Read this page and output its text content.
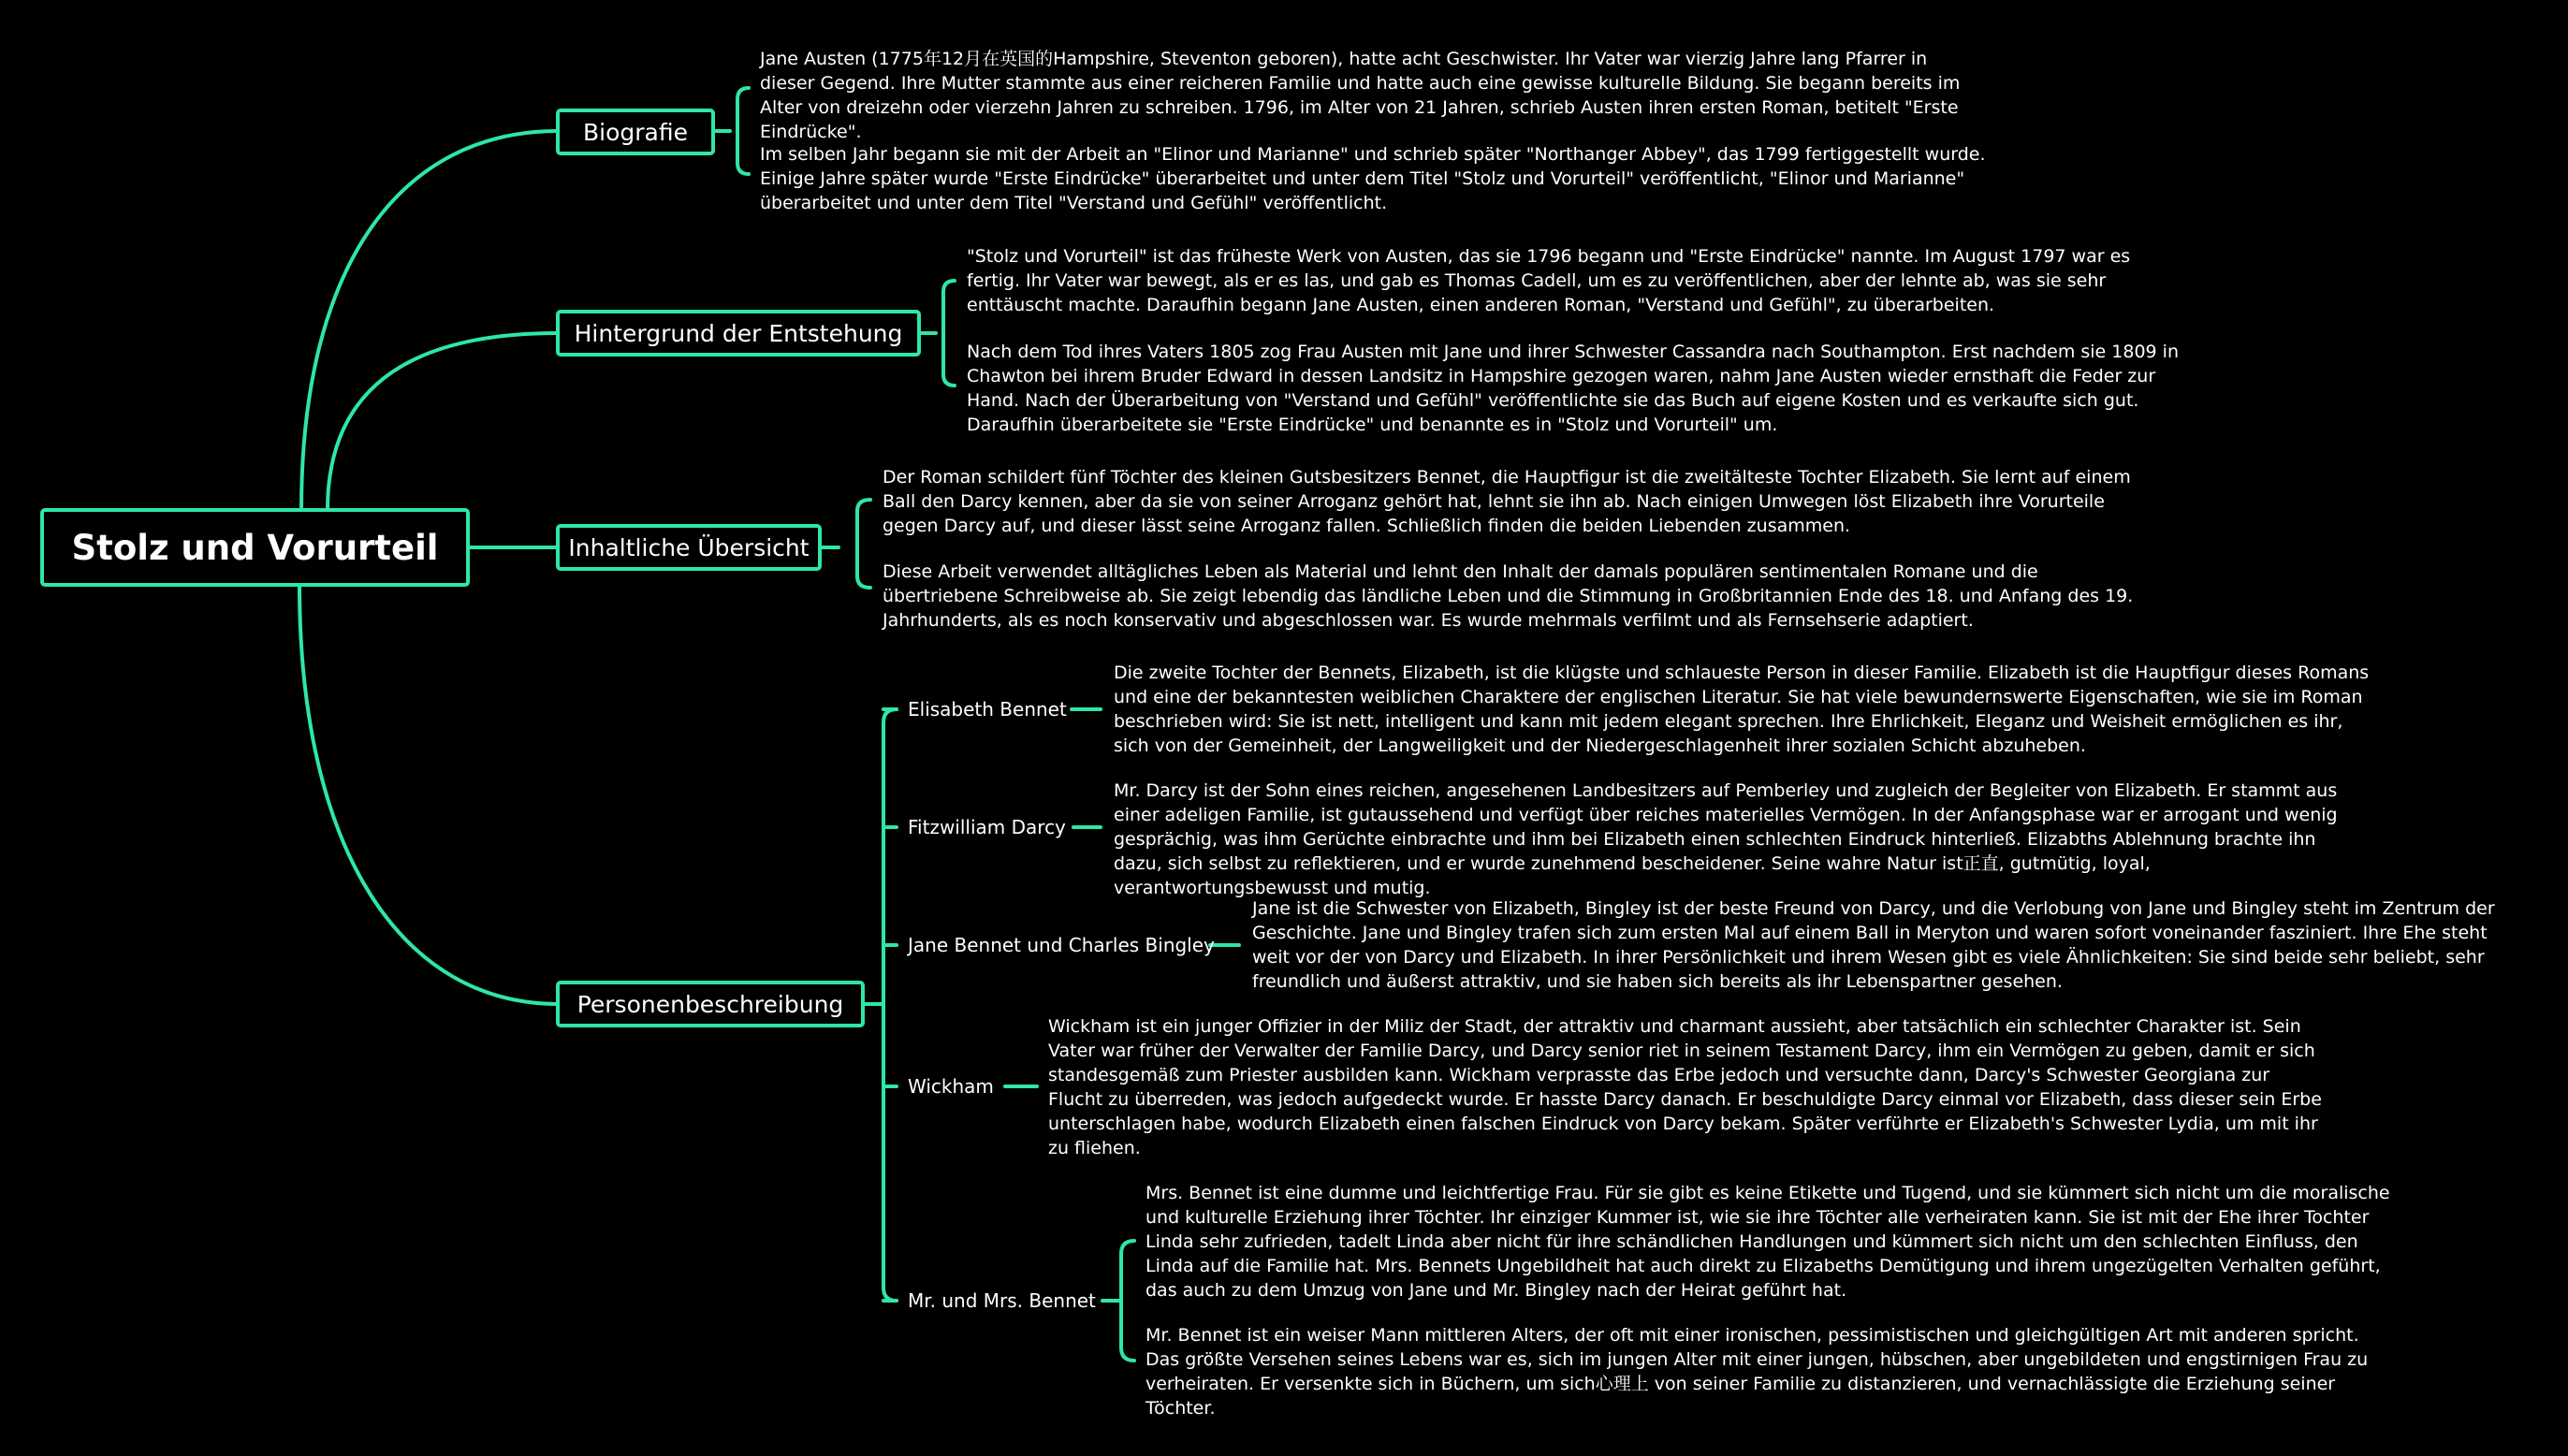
Stolz und Vorurteil
Biografie
Hintergrund der Entstehung
Inhaltliche Übersicht
Personenbeschreibung

Jane Austen (1775年12月在英国的Hampshire, Steventon geboren), hatte acht Geschwister. Ihr Vater war vierzig Jahre lang Pfarrer in dieser Gegend. Ihre Mutter stammte aus einer reicheren Familie und hatte auch eine gewisse kulturelle Bildung. Sie begann bereits im Alter von dreizehn oder vierzehn Jahren zu schreiben. 1796, im Alter von 21 Jahren, schrieb Austen ihren ersten Roman, betitelt "Erste Eindrücke".

Im selben Jahr begann sie mit der Arbeit an "Elinor und Marianne" und schrieb später "Northanger Abbey", das 1799 fertiggestellt wurde. Einige Jahre später wurde "Erste Eindrücke" überarbeitet und unter dem Titel "Stolz und Vorurteil" veröffentlicht, "Elinor und Marianne" überarbeitet und unter dem Titel "Verstand und Gefühl" veröffentlicht.

"Stolz und Vorurteil" ist das früheste Werk von Austen, das sie 1796 begann und "Erste Eindrücke" nannte. Im August 1797 war es fertig. Ihr Vater war bewegt, als er es las, und gab es Thomas Cadell, um es zu veröffentlichen, aber der lehnte ab, was sie sehr enttäuscht machte. Daraufhin begann Jane Austen, einen anderen Roman, "Verstand und Gefühl", zu überarbeiten.

Nach dem Tod ihres Vaters 1805 zog Frau Austen mit Jane und ihrer Schwester Cassandra nach Southampton. Erst nachdem sie 1809 in Chawton bei ihrem Bruder Edward in dessen Landsitz in Hampshire gezogen waren, nahm Jane Austen wieder ernsthaft die Feder zur Hand. Nach der Überarbeitung von "Verstand und Gefühl" veröffentlichte sie das Buch auf eigene Kosten und es verkaufte sich gut. Daraufhin überarbeitete sie "Erste Eindrücke" und benannte es in "Stolz und Vorurteil" um.

Der Roman schildert fünf Töchter des kleinen Gutsbesitzers Bennet, die Hauptfigur ist die zweitälteste Tochter Elizabeth. Sie lernt auf einem Ball den Darcy kennen, aber da sie von seiner Arroganz gehört hat, lehnt sie ihn ab. Nach einigen Umwegen löst Elizabeth ihre Vorurteile gegen Darcy auf, und dieser lässt seine Arroganz fallen. Schließlich finden die beiden Liebenden zusammen.

Diese Arbeit verwendet alltägliches Leben als Material und lehnt den Inhalt der damals populären sentimentalen Romane und die übertriebene Schreibweise ab. Sie zeigt lebendig das ländliche Leben und die Stimmung in Großbritannien Ende des 18. und Anfang des 19. Jahrhunderts, als es noch konservativ und abgeschlossen war. Es wurde mehrmals verfilmt und als Fernsehserie adaptiert.

Elisabeth Bennet
Fitzwilliam Darcy
Jane Bennet und Charles Bingley
Wickham
Mr. und Mrs. Bennet

Die zweite Tochter der Bennets, Elizabeth, ist die klügste und schlaueste Person in dieser Familie. Elizabeth ist die Hauptfigur dieses Romans und eine der bekanntesten weiblichen Charaktere der englischen Literatur. Sie hat viele bewundernswerte Eigenschaften, wie sie im Roman beschrieben wird: Sie ist nett, intelligent und kann mit jedem elegant sprechen. Ihre Ehrlichkeit, Eleganz und Weisheit ermöglichen es ihr, sich von der Gemeinheit, der Langweiligkeit und der Niedergeschlagenheit ihrer sozialen Schicht abzuheben.

Mr. Darcy ist der Sohn eines reichen, angesehenen Landbesitzers auf Pemberley und zugleich der Begleiter von Elizabeth. Er stammt aus einer adeligen Familie, ist gutaussehend und verfügt über reiches materielles Vermögen. In der Anfangsphase war er arrogant und wenig gesprächig, was ihm Gerüchte einbrachte und ihm bei Elizabeth einen schlechten Eindruck hinterließ. Elizabths Ablehnung brachte ihn dazu, sich selbst zu reflektieren, und er wurde zunehmend bescheidener. Seine wahre Natur ist正直, gutmütig, loyal, verantwortungsbewusst und mutig.

Jane ist die Schwester von Elizabeth, Bingley ist der beste Freund von Darcy, und die Verlobung von Jane und Bingley steht im Zentrum der Geschichte. Jane und Bingley trafen sich zum ersten Mal auf einem Ball in Meryton und waren sofort voneinander fasziniert. Ihre Ehe steht weit vor der von Darcy und Elizabeth. In ihrer Persönlichkeit und ihrem Wesen gibt es viele Ähnlichkeiten: Sie sind beide sehr beliebt, sehr freundlich und äußerst attraktiv, und sie haben sich bereits als ihr Lebenspartner gesehen.

Wickham ist ein junger Offizier in der Miliz der Stadt, der attraktiv und charmant aussieht, aber tatsächlich ein schlechter Charakter ist. Sein Vater war früher der Verwalter der Familie Darcy, und Darcy senior riet in seinem Testament Darcy, ihm ein Vermögen zu geben, damit er sich standesgemäß zum Priester ausbilden kann. Wickham verprasste das Erbe jedoch und versuchte dann, Darcy's Schwester Georgiana zur Flucht zu überreden, was jedoch aufgedeckt wurde. Er hasste Darcy danach. Er beschuldigte Darcy einmal vor Elizabeth, dass dieser sein Erbe unterschlagen habe, wodurch Elizabeth einen falschen Eindruck von Darcy bekam. Später verführte er Elizabeth's Schwester Lydia, um mit ihr zu fliehen.

Mrs. Bennet ist eine dumme und leichtfertige Frau. Für sie gibt es keine Etikette und Tugend, und sie kümmert sich nicht um die moralische und kulturelle Erziehung ihrer Töchter. Ihr einziger Kummer ist, wie sie ihre Töchter alle verheiraten kann. Sie ist mit der Ehe ihrer Tochter Linda sehr zufrieden, tadelt Linda aber nicht für ihre schändlichen Handlungen und kümmert sich nicht um den schlechten Einfluss, den Linda auf die Familie hat. Mrs. Bennets Ungebildheit hat auch direkt zu Elizabeths Demütigung und ihrem ungezügelten Verhalten geführt, das auch zu dem Umzug von Jane und Mr. Bingley nach der Heirat geführt hat.

Mr. Bennet ist ein weiser Mann mittleren Alters, der oft mit einer ironischen, pessimistischen und gleichgültigen Art mit anderen spricht. Das größte Versehen seines Lebens war es, sich im jungen Alter mit einer jungen, hübschen, aber ungebildeten und engstirnigen Frau zu verheiraten. Er versenkte sich in Büchern, um sich心理上 von seiner Familie zu distanzieren, und vernachlässigte die Erziehung seiner Töchter.
